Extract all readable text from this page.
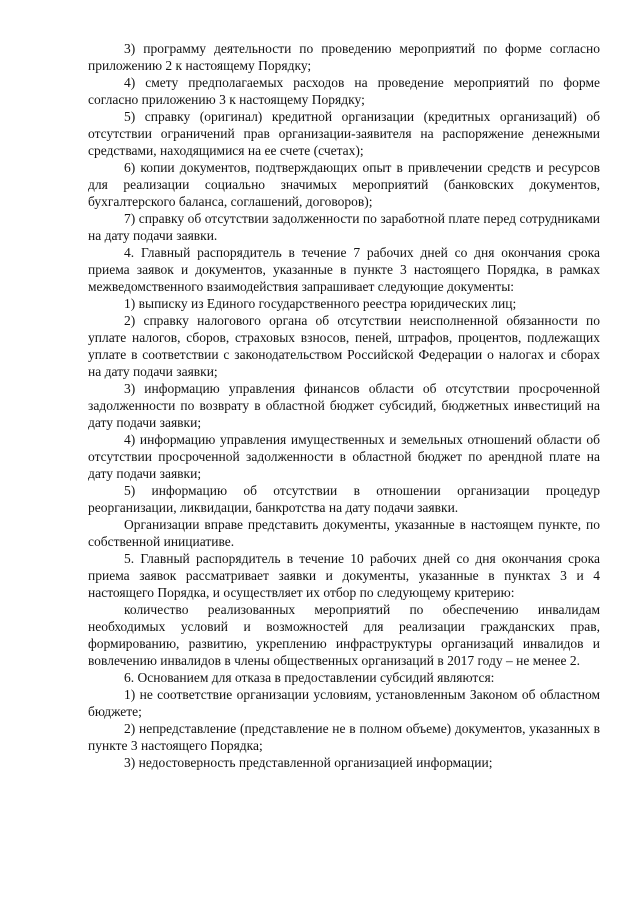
3) программу деятельности по проведению мероприятий по форме согласно приложению 2 к настоящему Порядку;

4) смету предполагаемых расходов на проведение мероприятий по форме согласно приложению 3 к настоящему Порядку;

5) справку (оригинал) кредитной организации (кредитных организаций) об отсутствии ограничений прав организации-заявителя на распоряжение денежными средствами, находящимися на ее счете (счетах);

6) копии документов, подтверждающих опыт в привлечении средств и ресурсов для реализации социально значимых мероприятий (банковских документов, бухгалтерского баланса, соглашений, договоров);

7) справку об отсутствии задолженности по заработной плате перед сотрудниками на дату подачи заявки.

4. Главный распорядитель в течение 7 рабочих дней со дня окончания срока приема заявок и документов, указанные в пункте 3 настоящего Порядка, в рамках межведомственного взаимодействия запрашивает следующие документы:

1) выписку из Единого государственного реестра юридических лиц;

2) справку налогового органа об отсутствии неисполненной обязанности по уплате налогов, сборов, страховых взносов, пеней, штрафов, процентов, подлежащих уплате в соответствии с законодательством Российской Федерации о налогах и сборах на дату подачи заявки;

3) информацию управления финансов области об отсутствии просроченной задолженности по возврату в областной бюджет субсидий, бюджетных инвестиций на дату подачи заявки;

4) информацию управления имущественных и земельных отношений области об отсутствии просроченной задолженности в областной бюджет по арендной плате на дату подачи заявки;

5) информацию об отсутствии в отношении организации процедур реорганизации, ликвидации, банкротства на дату подачи заявки.

Организации вправе представить документы, указанные в настоящем пункте, по собственной инициативе.

5. Главный распорядитель в течение 10 рабочих дней со дня окончания срока приема заявок рассматривает заявки и документы, указанные в пунктах 3 и 4 настоящего Порядка, и осуществляет их отбор по следующему критерию:

количество реализованных мероприятий по обеспечению инвалидам необходимых условий и возможностей для реализации гражданских прав, формированию, развитию, укреплению инфраструктуры организаций инвалидов и вовлечению инвалидов в члены общественных организаций в 2017 году – не менее 2.

6. Основанием для отказа в предоставлении субсидий являются:

1) не соответствие организации условиям, установленным Законом об областном бюджете;

2) непредставление (представление не в полном объеме) документов, указанных в пункте 3 настоящего Порядка;

3) недостоверность представленной организацией информации;
